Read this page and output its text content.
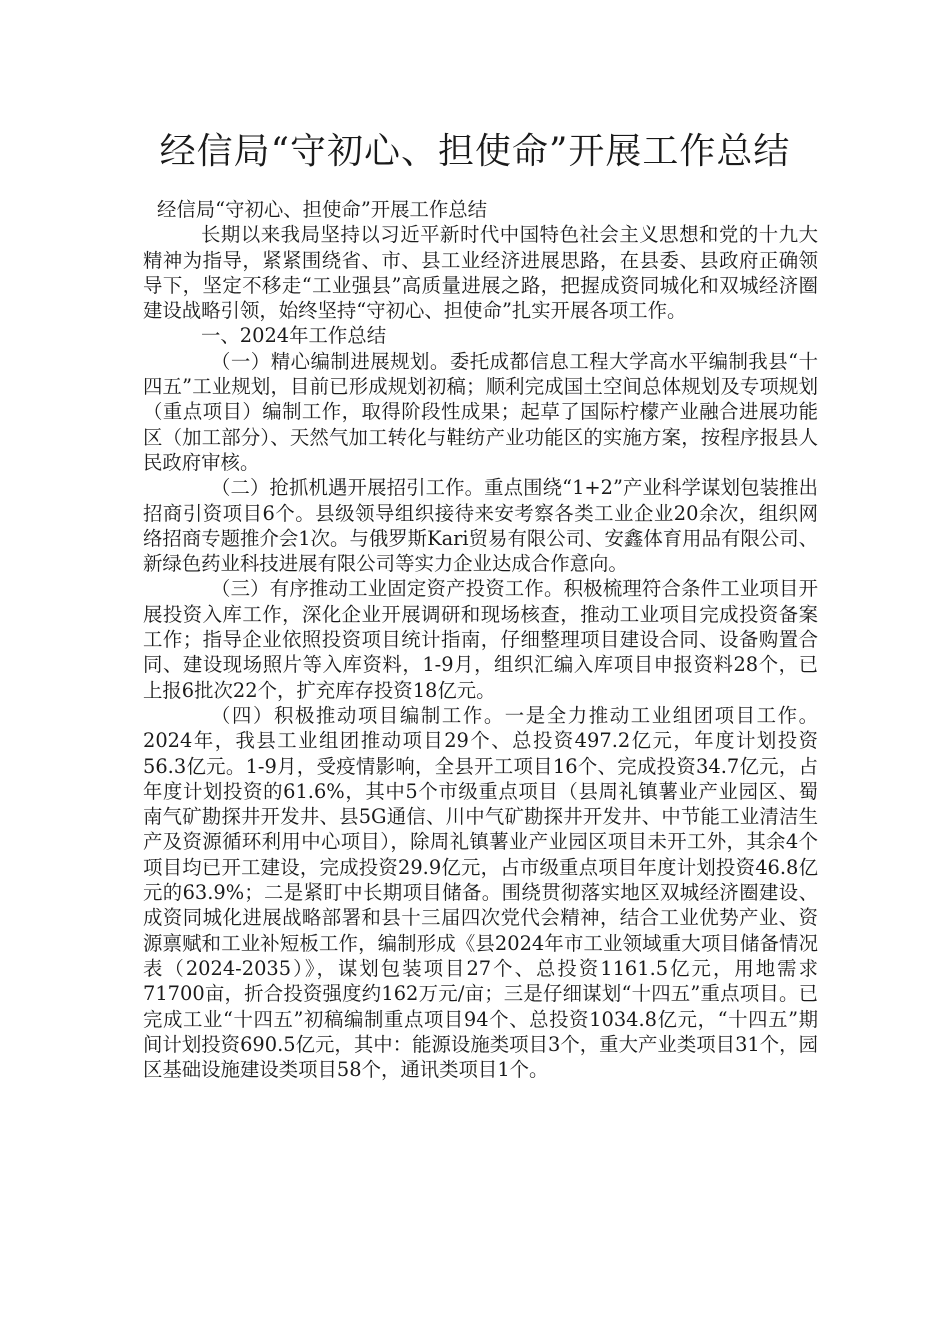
经信局“守初心、担使命”开展工作总结

经信局“守初心、担使命”开展工作总结

长期以来我局坚持以习近平新时代中国特色社会主义思想和党的十九大精神为指导，紧紧围绕省、市、县工业经济进展思路，在县委、县政府正确领导下，坚定不移走“工业强县”高质量进展之路，把握成资同城化和双城经济圈建设战略引领，始终坚持“守初心、担使命”扎实开展各项工作。

一、2024年工作总结

（一）精心编制进展规划。委托成都信息工程大学高水平编制我县“十四五”工业规划，目前已形成规划初稿；顺利完成国土空间总体规划及专项规划（重点项目）编制工作，取得阶段性成果；起草了国际柠檬产业融合进展功能区（加工部分）、天然气加工转化与鞋纺产业功能区的实施方案，按程序报县人民政府审核。

（二）抢抓机遇开展招引工作。重点围绕“1+2”产业科学谋划包装推出招商引资项目6个。县级领导组织接待来安考察各类工业企业20余次，组织网络招商专题推介会1次。与俄罗斯Kari贸易有限公司、安鑫体育用品有限公司、新绿色药业科技进展有限公司等实力企业达成合作意向。

（三）有序推动工业固定资产投资工作。积极梳理符合条件工业项目开展投资入库工作，深化企业开展调研和现场核查，推动工业项目完成投资备案工作；指导企业依照投资项目统计指南，仔细整理项目建设合同、设备购置合同、建设现场照片等入库资料，1-9月，组织汇编入库项目申报资料28个，已上报6批次22个，扩充库存投资18亿元。

（四）积极推动项目编制工作。一是全力推动工业组团项目工作。2024年，我县工业组团推动项目29个、总投资497.2亿元，年度计划投资56.3亿元。1-9月，受疫情影响，全县开工项目16个、完成投资34.7亿元，占年度计划投资的61.6%，其中5个市级重点项目（县周礼镇薯业产业园区、蜀南气矿勘探井开发井、县5G通信、川中气矿勘探井开发井、中节能工业清洁生产及资源循环利用中心项目），除周礼镇薯业产业园区项目未开工外，其余4个项目均已开工建设，完成投资29.9亿元，占市级重点项目年度计划投资46.8亿元的63.9%；二是紧盯中长期项目储备。围绕贯彻落实地区双城经济圈建设、成资同城化进展战略部署和县十三届四次党代会精神，结合工业优势产业、资源禀赋和工业补短板工作，编制形成《县2024年市工业领域重大项目储备情况表（2024-2035）》，谋划包装项目27个、总投资1161.5亿元，用地需求71700亩，折合投资强度约162万元/亩；三是仔细谋划“十四五”重点项目。已完成工业“十四五”初稿编制重点项目94个、总投资1034.8亿元，“十四五”期间计划投资690.5亿元，其中：能源设施类项目3个，重大产业类项目31个，园区基础设施建设类项目58个，通讯类项目1个。
